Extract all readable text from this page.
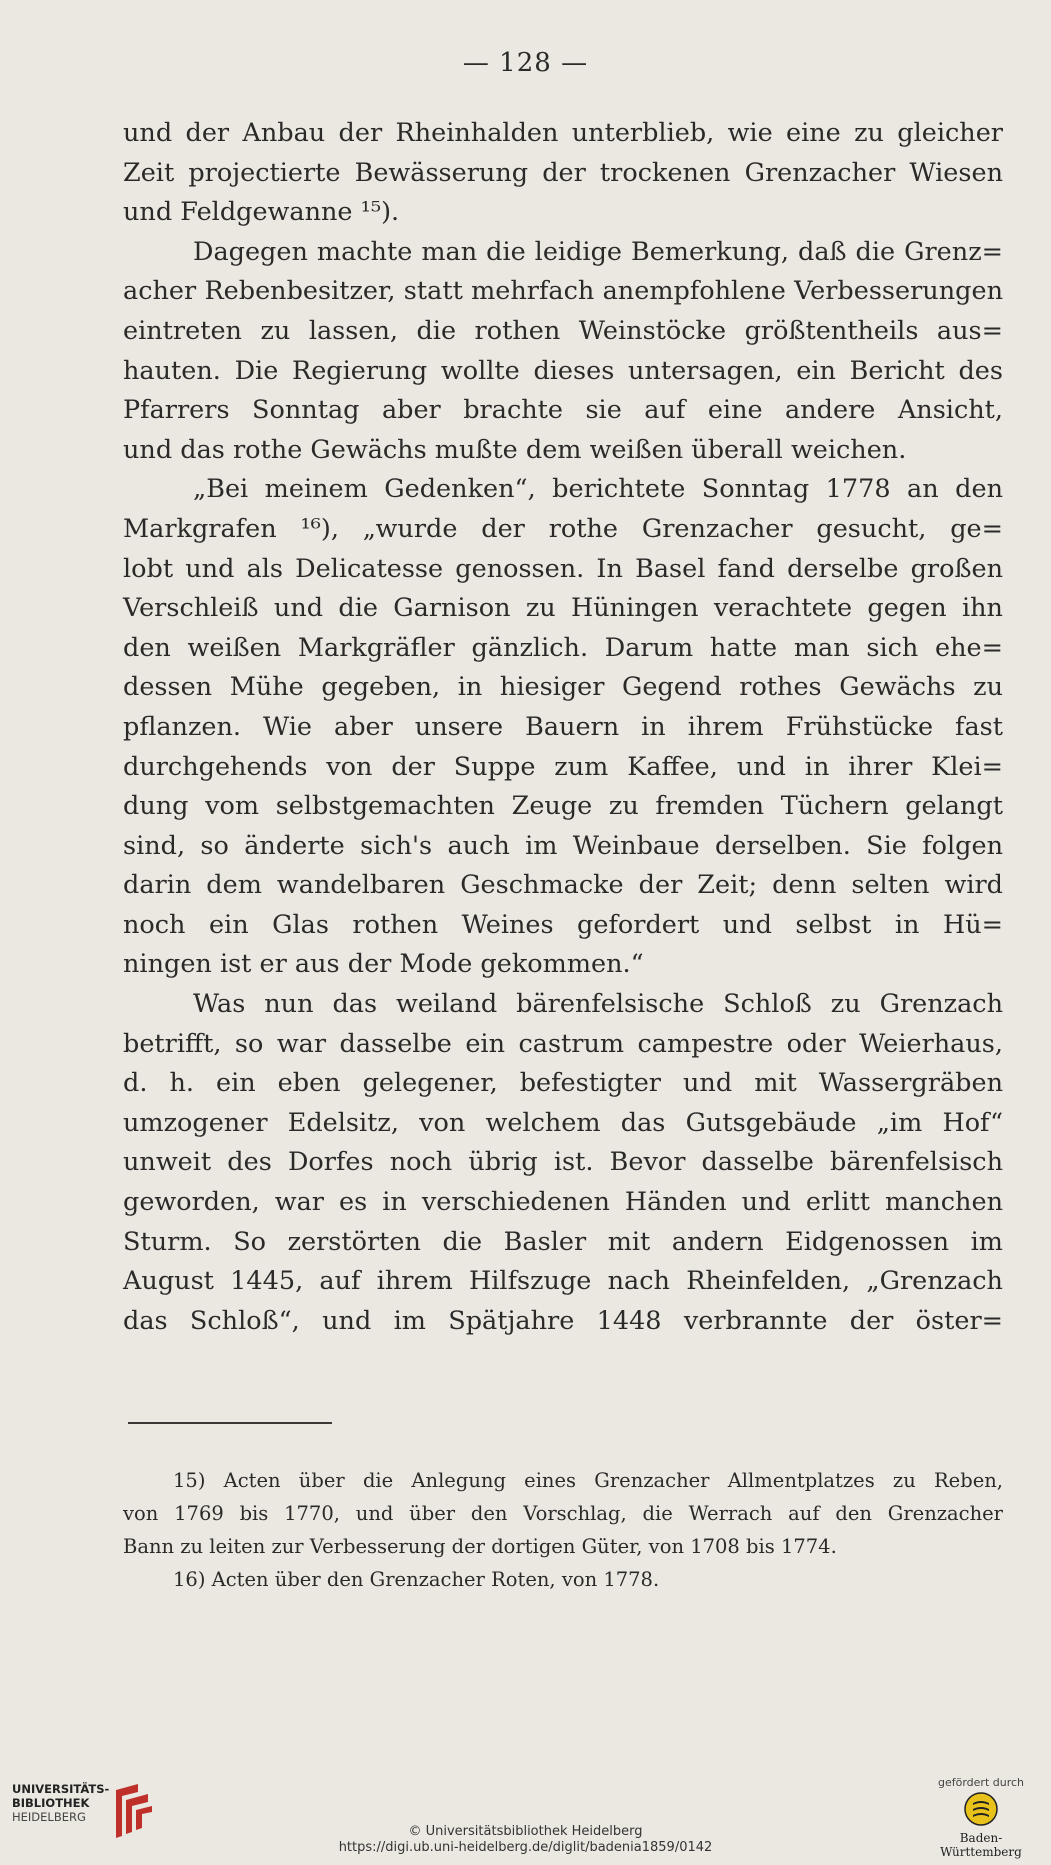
— 128 —
und der Anbau der Rheinhalden unterblieb, wie eine zu gleicher
Zeit projectierte Bewässerung der trockenen Grenzacher Wiesen
und Feldgewanne ¹⁵).
Dagegen machte man die leidige Bemerkung, daß die Grenz=
acher Rebenbesitzer, statt mehrfach anempfohlene Verbesserungen
eintreten zu lassen, die rothen Weinstöcke größtentheils aus=
hauten. Die Regierung wollte dieses untersagen, ein Bericht des
Pfarrers Sonntag aber brachte sie auf eine andere Ansicht,
und das rothe Gewächs mußte dem weißen überall weichen.
„Bei meinem Gedenken“, berichtete Sonntag 1778 an den
Markgrafen ¹⁶), „wurde der rothe Grenzacher gesucht, ge=
lobt und als Delicatesse genossen. In Basel fand derselbe großen
Verschleiß und die Garnison zu Hüningen verachtete gegen ihn
den weißen Markgräfler gänzlich. Darum hatte man sich ehe=
dessen Mühe gegeben, in hiesiger Gegend rothes Gewächs zu
pflanzen. Wie aber unsere Bauern in ihrem Frühstücke fast
durchgehends von der Suppe zum Kaffee, und in ihrer Klei=
dung vom selbstgemachten Zeuge zu fremden Tüchern gelangt
sind, so änderte sich's auch im Weinbaue derselben. Sie folgen
darin dem wandelbaren Geschmacke der Zeit; denn selten wird
noch ein Glas rothen Weines gefordert und selbst in Hü=
ningen ist er aus der Mode gekommen.“
Was nun das weiland bärenfelsische Schloß zu Grenzach
betrifft, so war dasselbe ein castrum campestre oder Weierhaus,
d. h. ein eben gelegener, befestigter und mit Wassergräben
umzogener Edelsitz, von welchem das Gutsgebäude „im Hof“
unweit des Dorfes noch übrig ist. Bevor dasselbe bärenfelsisch
geworden, war es in verschiedenen Händen und erlitt manchen
Sturm. So zerstörten die Basler mit andern Eidgenossen im
August 1445, auf ihrem Hilfszuge nach Rheinfelden, „Grenzach
das Schloß“, und im Spätjahre 1448 verbrannte der öster=
15) Acten über die Anlegung eines Grenzacher Allmentplatzes zu Reben,
von 1769 bis 1770, und über den Vorschlag, die Werrach auf den Grenzacher
Bann zu leiten zur Verbesserung der dortigen Güter, von 1708 bis 1774.
16) Acten über den Grenzacher Roten, von 1778.
UNIVERSITÄTS-
BIBLIOTHEK
HEIDELBERG
© Universitätsbibliothek Heidelberg
https://digi.ub.uni-heidelberg.de/diglit/badenia1859/0142
gefördert durch
Baden-Württemberg
